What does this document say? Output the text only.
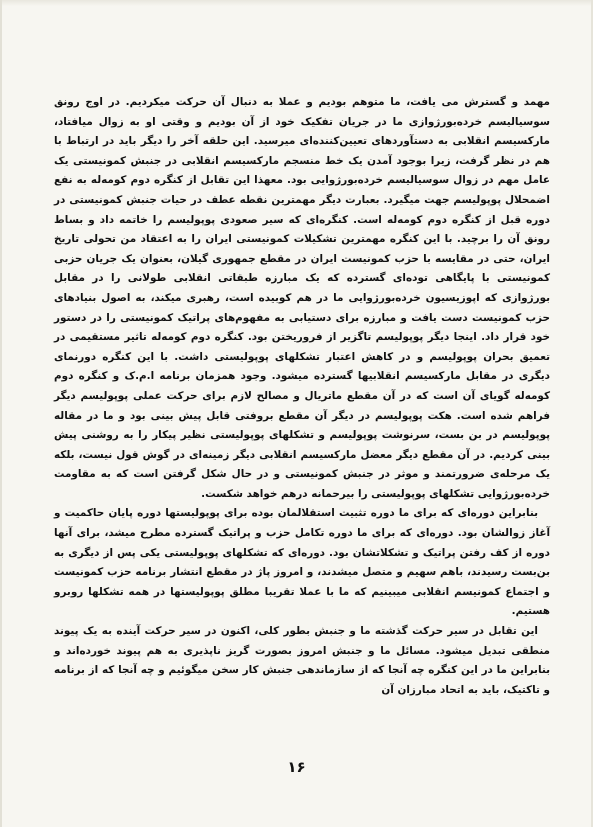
مهمد و گسترش می یافت، ما متوهم بودیم و عملا به دنبال آن حرکت میکردیم. در اوج رونق سوسیالیسم خرده‌بورژوازی ما در جریان تفکیک خود از آن بودیم و وقتی او به زوال میافتاد، مارکسیسم انقلابی به دستآوردهای تعیین‌کننده‌ای میرسید. این حلقه آخر را دیگر باید در ارتباط با هم در نظر گرفت، زیرا بوجود آمدن یک خط منسجم مارکسیسم انقلابی در جنبش کمونیستی یک عامل مهم در زوال سوسیالیسم خرده‌بورژوایی بود. معهذا این تقابل از کنگره دوم کومه‌له به نفع اضمحلال پوپولیسم جهت میگیرد. بعبارت دیگر مهمترین نقطه عطف در حیات جنبش کمونیستی در دوره قبل از کنگره دوم کومه‌له است. کنگره‌ای که سیر صعودی پوپولیسم را خاتمه داد و بساط رونق آن را برچید. با این کنگره مهمترین تشکیلات کمونیستی ایران را به اعتقاد من تحولی تاریخ ایران، حتی در مقایسه با حزب کمونیست ایران در مقطع جمهوری گیلان، بعنوان یک جریان حزبی کمونیستی با پایگاهی توده‌ای گسترده که یک مبارزه طبقاتی انقلابی طولانی را در مقابل بورژوازی که اپوزیسیون خرده‌بورژوایی ما در هم کوبیده است، رهبری میکند، به اصول بنیادهای حزب کمونیست دست یافت و مبارزه برای دستیابی به مفهوم‌های پراتیک کمونیستی را در دستور خود قرار داد. اینجا دیگر پوپولیسم تاگزیر از فروریختن بود. کنگره دوم کومه‌له تاثیر مستقیمی در تعمیق بحران پوپولیسم و در کاهش اعتبار تشکلهای پوپولیستی داشت. با این کنگره دورنمای دیگری در مقابل مارکسیسم انقلابیها گسترده میشود. وجود همزمان برنامه ا.م.ک و کنگره دوم کومه‌له گویای آن است که در آن مقطع ماتریال و مصالح لازم برای حرکت عملی پوپولیسم دیگر فراهم شده است. هکت پوپولیسم در دیگر آن مقطع بروفتی قابل پیش بینی بود و ما در مقاله پوپولیسم در بن بست، سرنوشت پوپولیسم و تشکلهای پوپولیستی نظیر پیکار را به روشنی پیش بینی کردیم. در آن مقطع دیگر معضل مارکسیسم انقلابی دیگر زمینه‌ای در گوش قول نیست، بلکه یک مرحله‌ی ضرورتمند و موثر در جنبش کمونیستی و در حال شکل گرفتن است که به مقاومت خرده‌بورژوایی تشکلهای پوپولیستی را بیرحمانه درهم خواهد شکست.

بنابراین دوره‌ای که برای ما دوره تثبیت استقلالمان بوده برای پوپولیستها دوره پایان حاکمیت و آغاز زوالشان بود. دوره‌ای که برای ما دوره تکامل حزب و پراتیک گسترده مطرح میشد، برای آنها دوره از کف رفتن پراتیک و تشکلاتشان بود. دوره‌ای که تشکلهای پوپولیستی یکی پس از دیگری به بن‌بست رسیدند، باهم سهیم و متصل میشدند، و امروز پاژ در مقطع انتشار برنامه حزب کمونیست و اجتماع کمونیسم انقلابی میبینیم که ما با عملا تقریبا مطلق پوپولیستها در همه تشکلها روبرو هستیم.

این تقابل در سیر حرکت گذشته ما و جنبش بطور کلی، اکنون در سیر حرکت آینده به یک پیوند منطقی تبدیل میشود. مسائل ما و جنبش امروز بصورت گریز ناپذیری به هم پیوند خورده‌اند و بنابراین ما در این کنگره چه آنجا که از سازماندهی جنبش کار سخن میگوئیم و چه آنجا که از برنامه و تاکتیک، باید به اتحاد مبارزان آن

۱۶
